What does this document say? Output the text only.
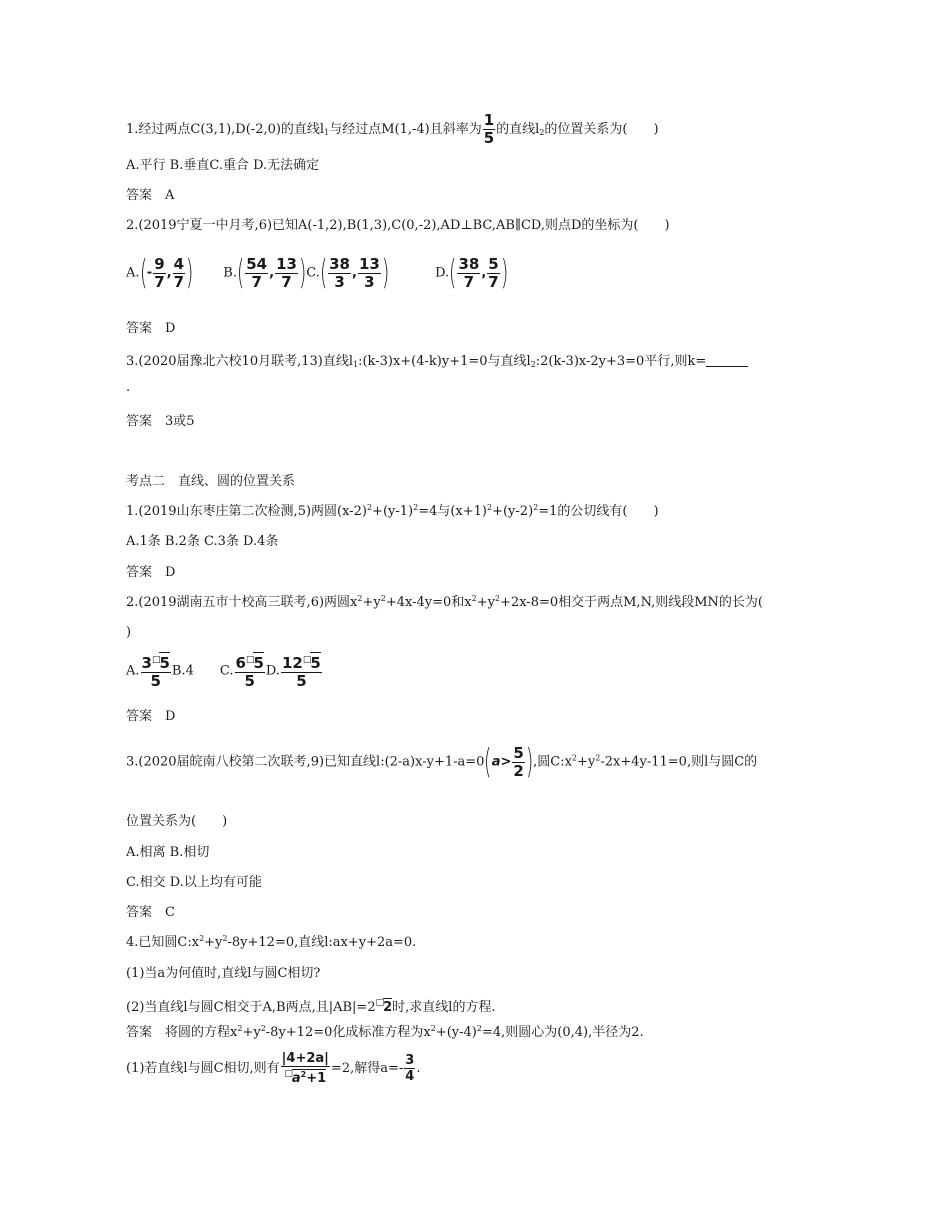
1.经过两点C(3,1),D(-2,0)的直线$l_1$与经过点M(1,-4)且斜率为 $\frac{1}{5}$ 的直线$l_2$的位置关系为(　　)
A.平行 B.垂直C.重合 D.无法确定
答案　A
2.(2019宁夏一中月考,6)已知A(-1,2),B(1,3),C(0,-2),AD⊥BC,AB∥CD,则点D的坐标为(　　)
$A.(- \frac{9}{7}$ , $\frac{4}{7}$ ) $B.( \frac{54}{7}$ , $\frac{13}{7} )C.( \frac{38}{3}$ , $\frac{13}{3}$ )	$D.( \frac{38}{7}$ , $\frac{5}{7}$ )
答案　D
3.(2020届豫北六校10月联考,13)直线$l_1:(k-3)x+(4-k)y+1=0$与直线$l_2:2(k-3)x-2y+3=0$平行,则k=
.
答案　3或5
考点二　直线、圆的位置关系
1.(2019山东枣庄第二次检测,5)两圆$(x-2)^2+(y-1)^2=4$与$(x+1)^2+(y-2)^2=1$的公切线有(　　)
A.1条 B.2条 C.3条 D.4条
答案　D
2.(2019湖南五市十校高三联考,6)两圆$x^2+y^2+4x-4y=0$和$x^2+y^2+2x-8=0$相交于两点M,N,则线段MN的长为(
)
A. $\frac{3□5}{5} B.4$ C. $\frac{6□5}{5} D$. $\frac{12□5}{5}$
答案　D
3.(2020届皖南八校第二次联考,9)已知直线l:(2-a)x-y+1-a=0(a> $\frac{5}{2}$ ),圆$C:x^2+y^2-2x+4y-11=0$,则l与圆C的
位置关系为(　　)
A.相离 B.相切
C.相交 D.以上均有可能
答案　C
4.已知圆$C:x^2+y^2-8y+12=0$,直线l:ax+y+2a=0.
(1)当a为何值时,直线l与圆C相切?
(2)当直线l与圆C相交于A,B两点,且|AB|=2□2时,求直线l的方程.
答案　将圆的方程$x^2+y^2-8y+12=0$化成标准方程为$x^2+(y-4)^2=4$,则圆心为(0,4),半径为2.
(1)若直线l与圆C相切,则有 $\frac{|4+2a|}{□a^2+1} =2$,解得$a=- \frac{3}{4}$ .
